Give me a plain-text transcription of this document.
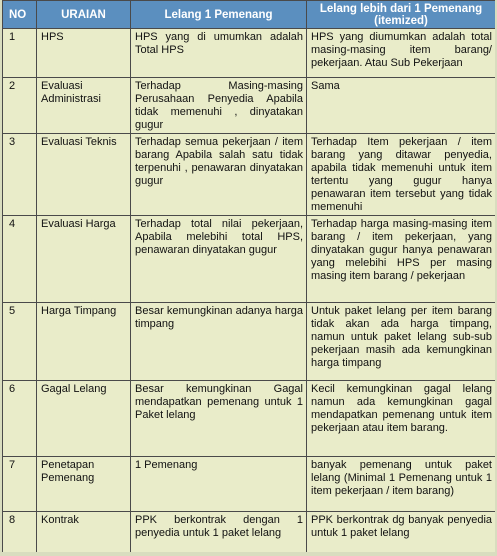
NO	URAIAN	Lelang 1 Pemenang	Lelang lebih dari 1 Pemenang (itemized)
1	HPS	HPS yang di umumkan adalah Total HPS	HPS yang diumumkan adalah total masing-masing item barang/ pekerjaan. Atau Sub Pekerjaan
2	Evaluasi Administrasi	Terhadap Masing-masing Perusahaan Penyedia Apabila tidak memenuhi , dinyatakan gugur	Sama
3	Evaluasi Teknis	Terhadap semua pekerjaan / item barang Apabila salah satu tidak terpenuhi , penawaran dinyatakan gugur	Terhadap Item pekerjaan / item barang yang ditawar penyedia, apabila tidak memenuhi untuk item tertentu yang gugur hanya penawaran item tersebut yang tidak memenuhi
4	Evaluasi Harga	Terhadap total nilai pekerjaan, Apabila melebihi total HPS, penawaran dinyatakan gugur	Terhadap harga masing-masing item barang / item pekerjaan, yang dinyatakan gugur hanya penawaran yang melebihi HPS per masing masing item barang / pekerjaan
5	Harga Timpang	Besar kemungkinan adanya harga timpang	Untuk paket lelang per item barang tidak akan ada harga timpang, namun untuk paket lelang sub-sub pekerjaan masih ada kemungkinan harga timpang
6	Gagal Lelang	Besar kemungkinan Gagal mendapatkan pemenang untuk 1 Paket lelang	Kecil kemungkinan gagal lelang namun ada kemungkinan gagal mendapatkan pemenang untuk item pekerjaan atau item barang.
7	Penetapan Pemenang	1 Pemenang	banyak pemenang untuk paket lelang (Minimal 1 Pemenang untuk 1 item pekerjaan / item barang)
8	Kontrak	PPK berkontrak dengan 1 penyedia untuk 1 paket lelang	PPK berkontrak dg banyak penyedia untuk 1 paket lelang
